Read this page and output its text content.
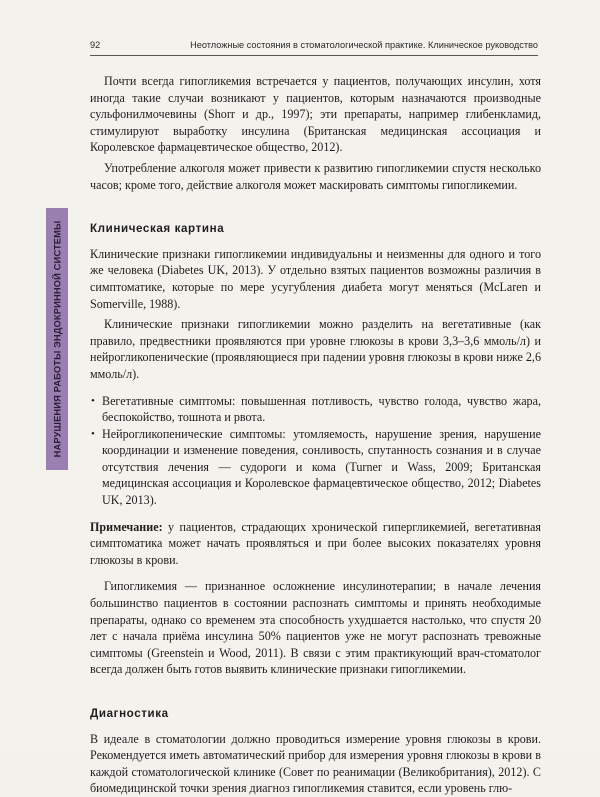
92	Неотложные состояния в стоматологической практике. Клиническое руководство
НАРУШЕНИЯ РАБОТЫ ЭНДОКРИННОЙ СИСТЕМЫ

Почти всегда гипогликемия встречается у пациентов, получающих инсулин, хотя иногда такие случаи возникают у пациентов, которым назначаются производные сульфонилмочевины (Shorr и др., 1997); эти препараты, например глибенкламид, стимулируют выработку инсулина (Британская медицинская ассоциация и Королевское фармацевтическое общество, 2012).

Употребление алкоголя может привести к развитию гипогликемии спустя несколько часов; кроме того, действие алкоголя может маскировать симптомы гипогликемии.

Клиническая картина

Клинические признаки гипогликемии индивидуальны и неизменны для одного и того же человека (Diabetes UK, 2013). У отдельно взятых пациентов возможны различия в симптоматике, которые по мере усугубления диабета могут меняться (McLaren и Somerville, 1988).

Клинические признаки гипогликемии можно разделить на вегетативные (как правило, предвестники проявляются при уровне глюкозы в крови 3,3–3,6 ммоль/л) и нейрогликопенические (проявляющиеся при падении уровня глюкозы в крови ниже 2,6 ммоль/л).

• Вегетативные симптомы: повышенная потливость, чувство голода, чувство жара, беспокойство, тошнота и рвота.
• Нейрогликопенические симптомы: утомляемость, нарушение зрения, нарушение координации и изменение поведения, сонливость, спутанность сознания и в случае отсутствия лечения — судороги и кома (Turner и Wass, 2009; Британская медицинская ассоциация и Королевское фармацевтическое общество, 2012; Diabetes UK, 2013).

Примечание: у пациентов, страдающих хронической гипергликемией, вегетативная симптоматика может начать проявляться и при более высоких показателях уровня глюкозы в крови.

Гипогликемия — признанное осложнение инсулинотерапии; в начале лечения большинство пациентов в состоянии распознать симптомы и принять необходимые препараты, однако со временем эта способность ухудшается настолько, что спустя 20 лет с начала приёма инсулина 50% пациентов уже не могут распознать тревожные симптомы (Greenstein и Wood, 2011). В связи с этим практикующий врач-стоматолог всегда должен быть готов выявить клинические признаки гипогликемии.

Диагностика

В идеале в стоматологии должно проводиться измерение уровня глюкозы в крови. Рекомендуется иметь автоматический прибор для измерения уровня глюкозы в крови в каждой стоматологической клинике (Совет по реанимации (Великобритания), 2012). С биомедицинской точки зрения диагноз гипогликемия ставится, если уровень глю-
